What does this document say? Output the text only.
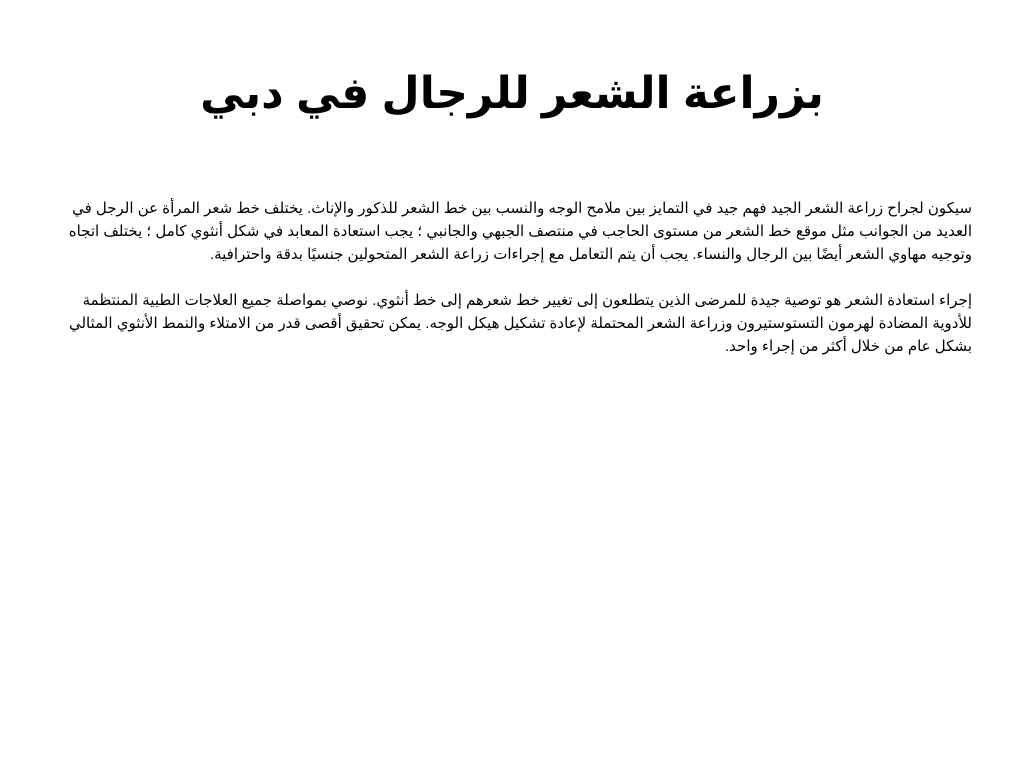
بزراعة الشعر للرجال في دبي

سيكون لجراح زراعة الشعر الجيد فهم جيد في التمايز بين ملامح الوجه والنسب بين خط الشعر للذكور والإناث. يختلف خط شعر المرأة عن الرجل في العديد من الجوانب مثل موقع خط الشعر من مستوى الحاجب في منتصف الجبهي والجانبي ؛ يجب استعادة المعابد في شكل أنثوي كامل ؛ يختلف اتجاه وتوجيه مهاوي الشعر أيضًا بين الرجال والنساء. يجب أن يتم التعامل مع إجراءات زراعة الشعر المتحولين جنسيًا بدقة واحترافية.

إجراء استعادة الشعر هو توصية جيدة للمرضى الذين يتطلعون إلى تغيير خط شعرهم إلى خط أنثوي. نوصي بمواصلة جميع العلاجات الطبية المنتظمة للأدوية المضادة لهرمون التستوستيرون وزراعة الشعر المحتملة لإعادة تشكيل هيكل الوجه. يمكن تحقيق أقصى قدر من الامتلاء والنمط الأنثوي المثالي بشكل عام من خلال أكثر من إجراء واحد.
